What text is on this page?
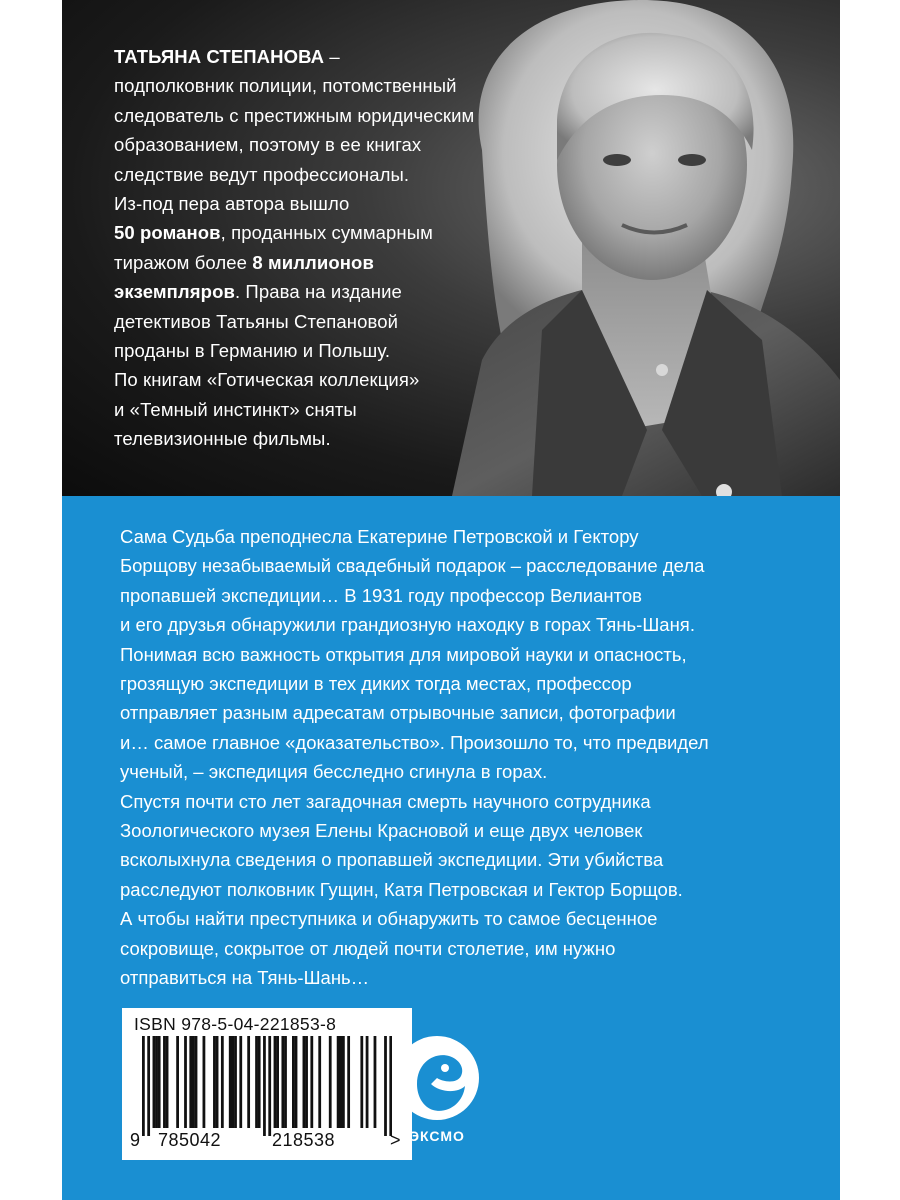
ТАТЬЯНА СТЕПАНОВА –

подполковник полиции, потомственный

следователь с престижным юридическим

образованием, поэтому в ее книгах

следствие ведут профессионалы.

Из-под пера автора вышло

50 романов, проданных суммарным

тиражом более 8 миллионов

экземпляров. Права на издание

детективов Татьяны Степановой

проданы в Германию и Польшу.

По книгам «Готическая коллекция»

и «Темный инстинкт» сняты

телевизионные фильмы.

Сама Судьба преподнесла Екатерине Петровской и Гектору

Борщову незабываемый свадебный подарок – расследование дела

пропавшей экспедиции… В 1931 году профессор Велиантов

и его друзья обнаружили грандиозную находку в горах Тянь-Шаня.

Понимая всю важность открытия для мировой науки и опасность,

грозящую экспедиции в тех диких тогда местах, профессор

отправляет разным адресатам отрывочные записи, фотографии

и… самое главное «доказательство». Произошло то, что предвидел

ученый, – экспедиция бесследно сгинула в горах.

Спустя почти сто лет загадочная смерть научного сотрудника

Зоологического музея Елены Красновой и еще двух человек

всколыхнула сведения о пропавшей экспедиции. Эти убийства

расследуют полковник Гущин, Катя Петровская и Гектор Борщов.

А чтобы найти преступника и обнаружить то самое бесценное

сокровище, сокрытое от людей почти столетие, им нужно

отправиться на Тянь-Шань…

ISBN 978-5-04-221853-8
9 785042	218538	> ЭКСМО
